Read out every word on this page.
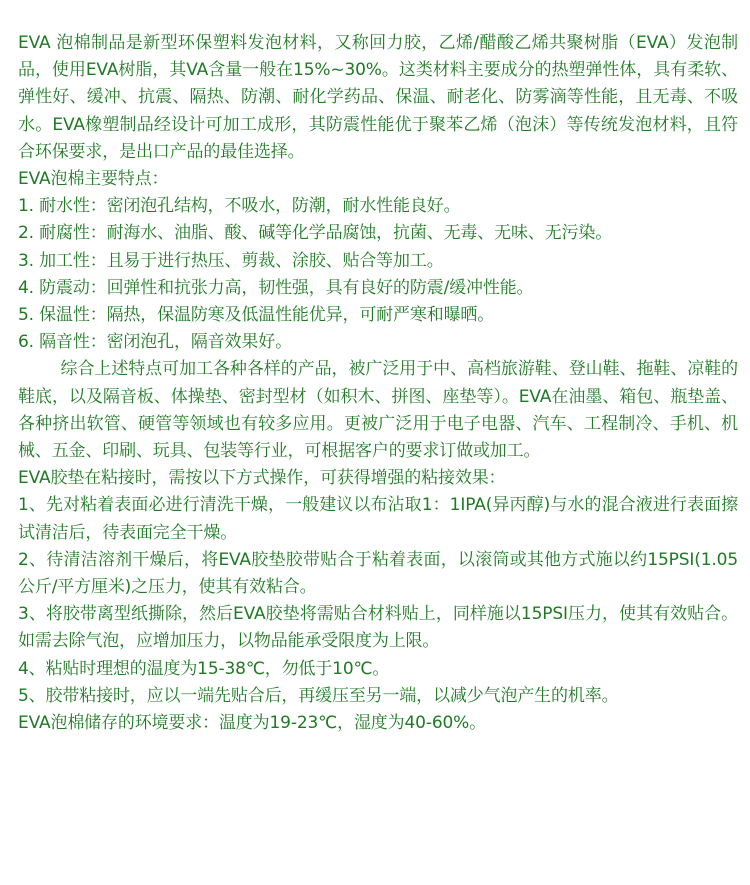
EVA 泡棉制品是新型环保塑料发泡材料，又称回力胶，乙烯/醋酸乙烯共聚树脂（EVA）发泡制品，使用EVA树脂，其VA含量一般在15%~30%。这类材料主要成分的热塑弹性体，具有柔软、弹性好、缓冲、抗震、隔热、防潮、耐化学药品、保温、耐老化、防雾滴等性能，且无毒、不吸水。EVA橡塑制品经设计可加工成形，其防震性能优于聚苯乙烯（泡沫）等传统发泡材料，且符合环保要求，是出口产品的最佳选择。

EVA泡棉主要特点：

1. 耐水性：密闭泡孔结构，不吸水，防潮，耐水性能良好。

2. 耐腐性：耐海水、油脂、酸、碱等化学品腐蚀，抗菌、无毒、无味、无污染。

3. 加工性：且易于进行热压、剪裁、涂胶、贴合等加工。

4. 防震动：回弹性和抗张力高，韧性强，具有良好的防震/缓冲性能。

5. 保温性：隔热，保温防寒及低温性能优异，可耐严寒和曝晒。

6. 隔音性：密闭泡孔，隔音效果好。

综合上述特点可加工各种各样的产品，被广泛用于中、高档旅游鞋、登山鞋、拖鞋、凉鞋的鞋底，以及隔音板、体操垫、密封型材（如积木、拼图、座垫等）。EVA在油墨、箱包、瓶垫盖、各种挤出软管、硬管等领域也有较多应用。更被广泛用于电子电器、汽车、工程制冷、手机、机械、五金、印刷、玩具、包装等行业，可根据客户的要求订做或加工。

EVA胶垫在粘接时，需按以下方式操作，可获得增强的粘接效果：

1、先对粘着表面必进行清洗干燥，一般建议以布沾取1：1IPA(异丙醇)与水的混合液进行表面擦试清洁后，待表面完全干燥。

2、待清洁溶剂干燥后，将EVA胶垫胶带贴合于粘着表面，以滚筒或其他方式施以约15PSI(1.05公斤/平方厘米)之压力，使其有效粘合。

3、将胶带离型纸撕除，然后EVA胶垫将需贴合材料贴上，同样施以15PSI压力，使其有效贴合。如需去除气泡，应增加压力，以物品能承受限度为上限。

4、粘贴时理想的温度为15-38℃，勿低于10℃。

5、胶带粘接时，应以一端先贴合后，再缓压至另一端，以减少气泡产生的机率。

EVA泡棉储存的环境要求：温度为19-23℃，湿度为40-60%。
